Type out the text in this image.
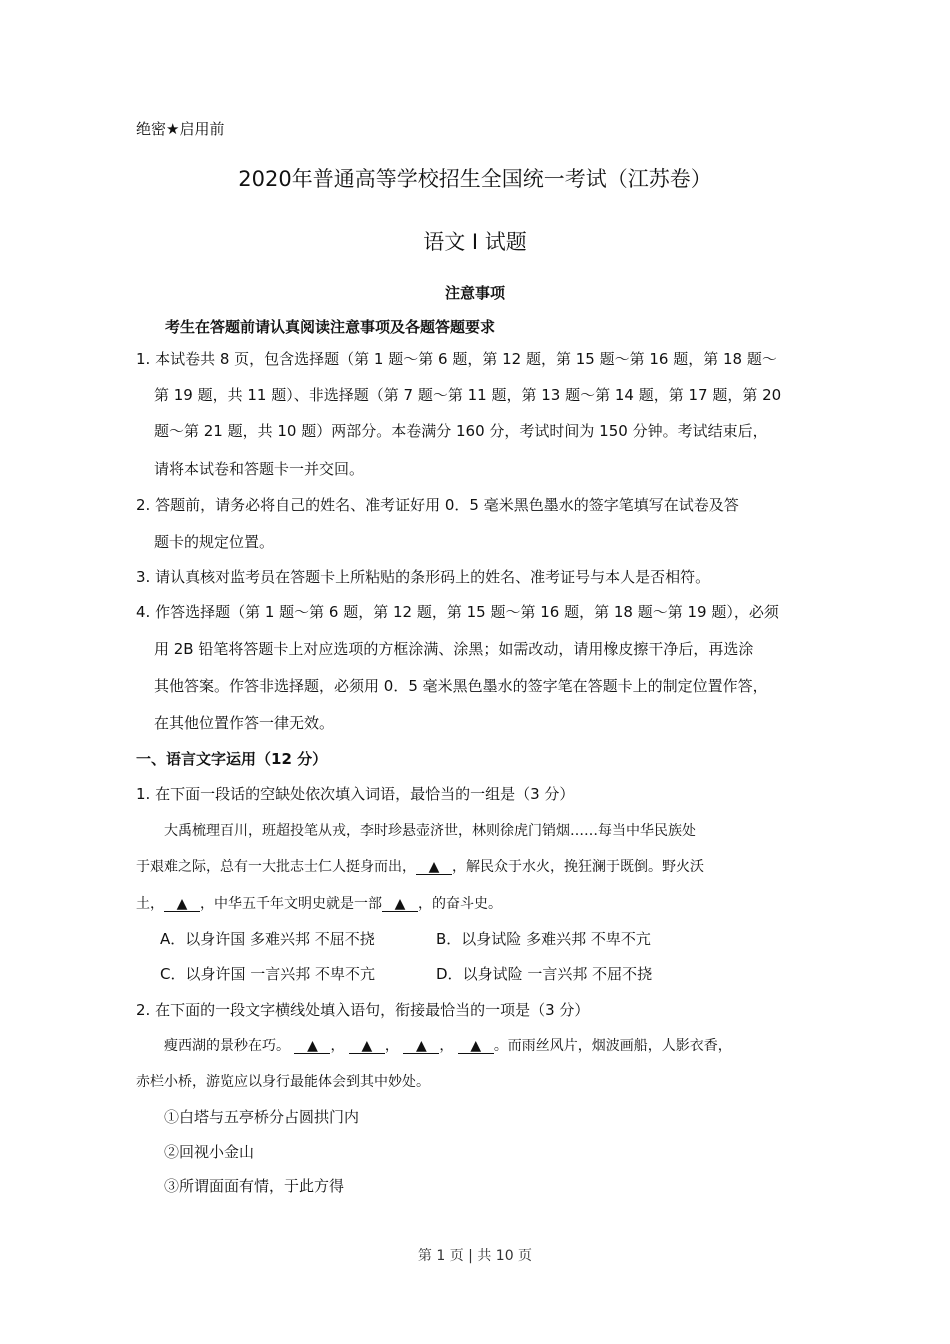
绝密★启用前
2020年普通高等学校招生全国统一考试（江苏卷）
语文 I 试题
注意事项
考生在答题前请认真阅读注意事项及各题答题要求
1. 本试卷共 8 页，包含选择题（第 1 题～第 6 题，第 12 题，第 15 题～第 16 题，第 18 题～
第 19 题，共 11 题）、非选择题（第 7 题～第 11 题，第 13 题～第 14 题，第 17 题，第 20
题～第 21 题，共 10 题）两部分。本卷满分 160 分，考试时间为 150 分钟。考试结束后，
请将本试卷和答题卡一并交回。
2. 答题前，请务必将自己的姓名、准考证好用 0．5 毫米黑色墨水的签字笔填写在试卷及答
题卡的规定位置。
3. 请认真核对监考员在答题卡上所粘贴的条形码上的姓名、准考证号与本人是否相符。
4. 作答选择题（第 1 题～第 6 题，第 12 题，第 15 题～第 16 题，第 18 题～第 19 题），必须
用 2B 铅笔将答题卡上对应选项的方框涂满、涂黑；如需改动，请用橡皮擦干净后，再选涂
其他答案。作答非选择题，必须用 0．5 毫米黑色墨水的签字笔在答题卡上的制定位置作答，
在其他位置作答一律无效。
一、语言文字运用（12 分）
1. 在下面一段话的空缺处依次填入词语，最恰当的一组是（3 分）
大禹梳理百川，班超投笔从戎，李时珍悬壶济世，林则徐虎门销烟……每当中华民族处
于艰难之际，总有一大批志士仁人挺身而出， ▲ ，解民众于水火，挽狂澜于既倒。野火沃
土， ▲ ，中华五千年文明史就是一部 ▲ ，的奋斗史。
A．以身许国 多难兴邦 不屈不挠	B．以身试险 多难兴邦 不卑不亢
C．以身许国 一言兴邦 不卑不亢	D．以身试险 一言兴邦 不屈不挠
2. 在下面的一段文字横线处填入语句，衔接最恰当的一项是（3 分）
瘦西湖的景秒在巧。 ▲ ， ▲ ， ▲ ， ▲ 。而雨丝风片，烟波画船，人影衣香，
赤栏小桥，游览应以身行最能体会到其中妙处。
①白塔与五亭桥分占圆拱门内
②回视小金山
③所谓面面有情，于此方得
第 1 页 | 共 10 页
